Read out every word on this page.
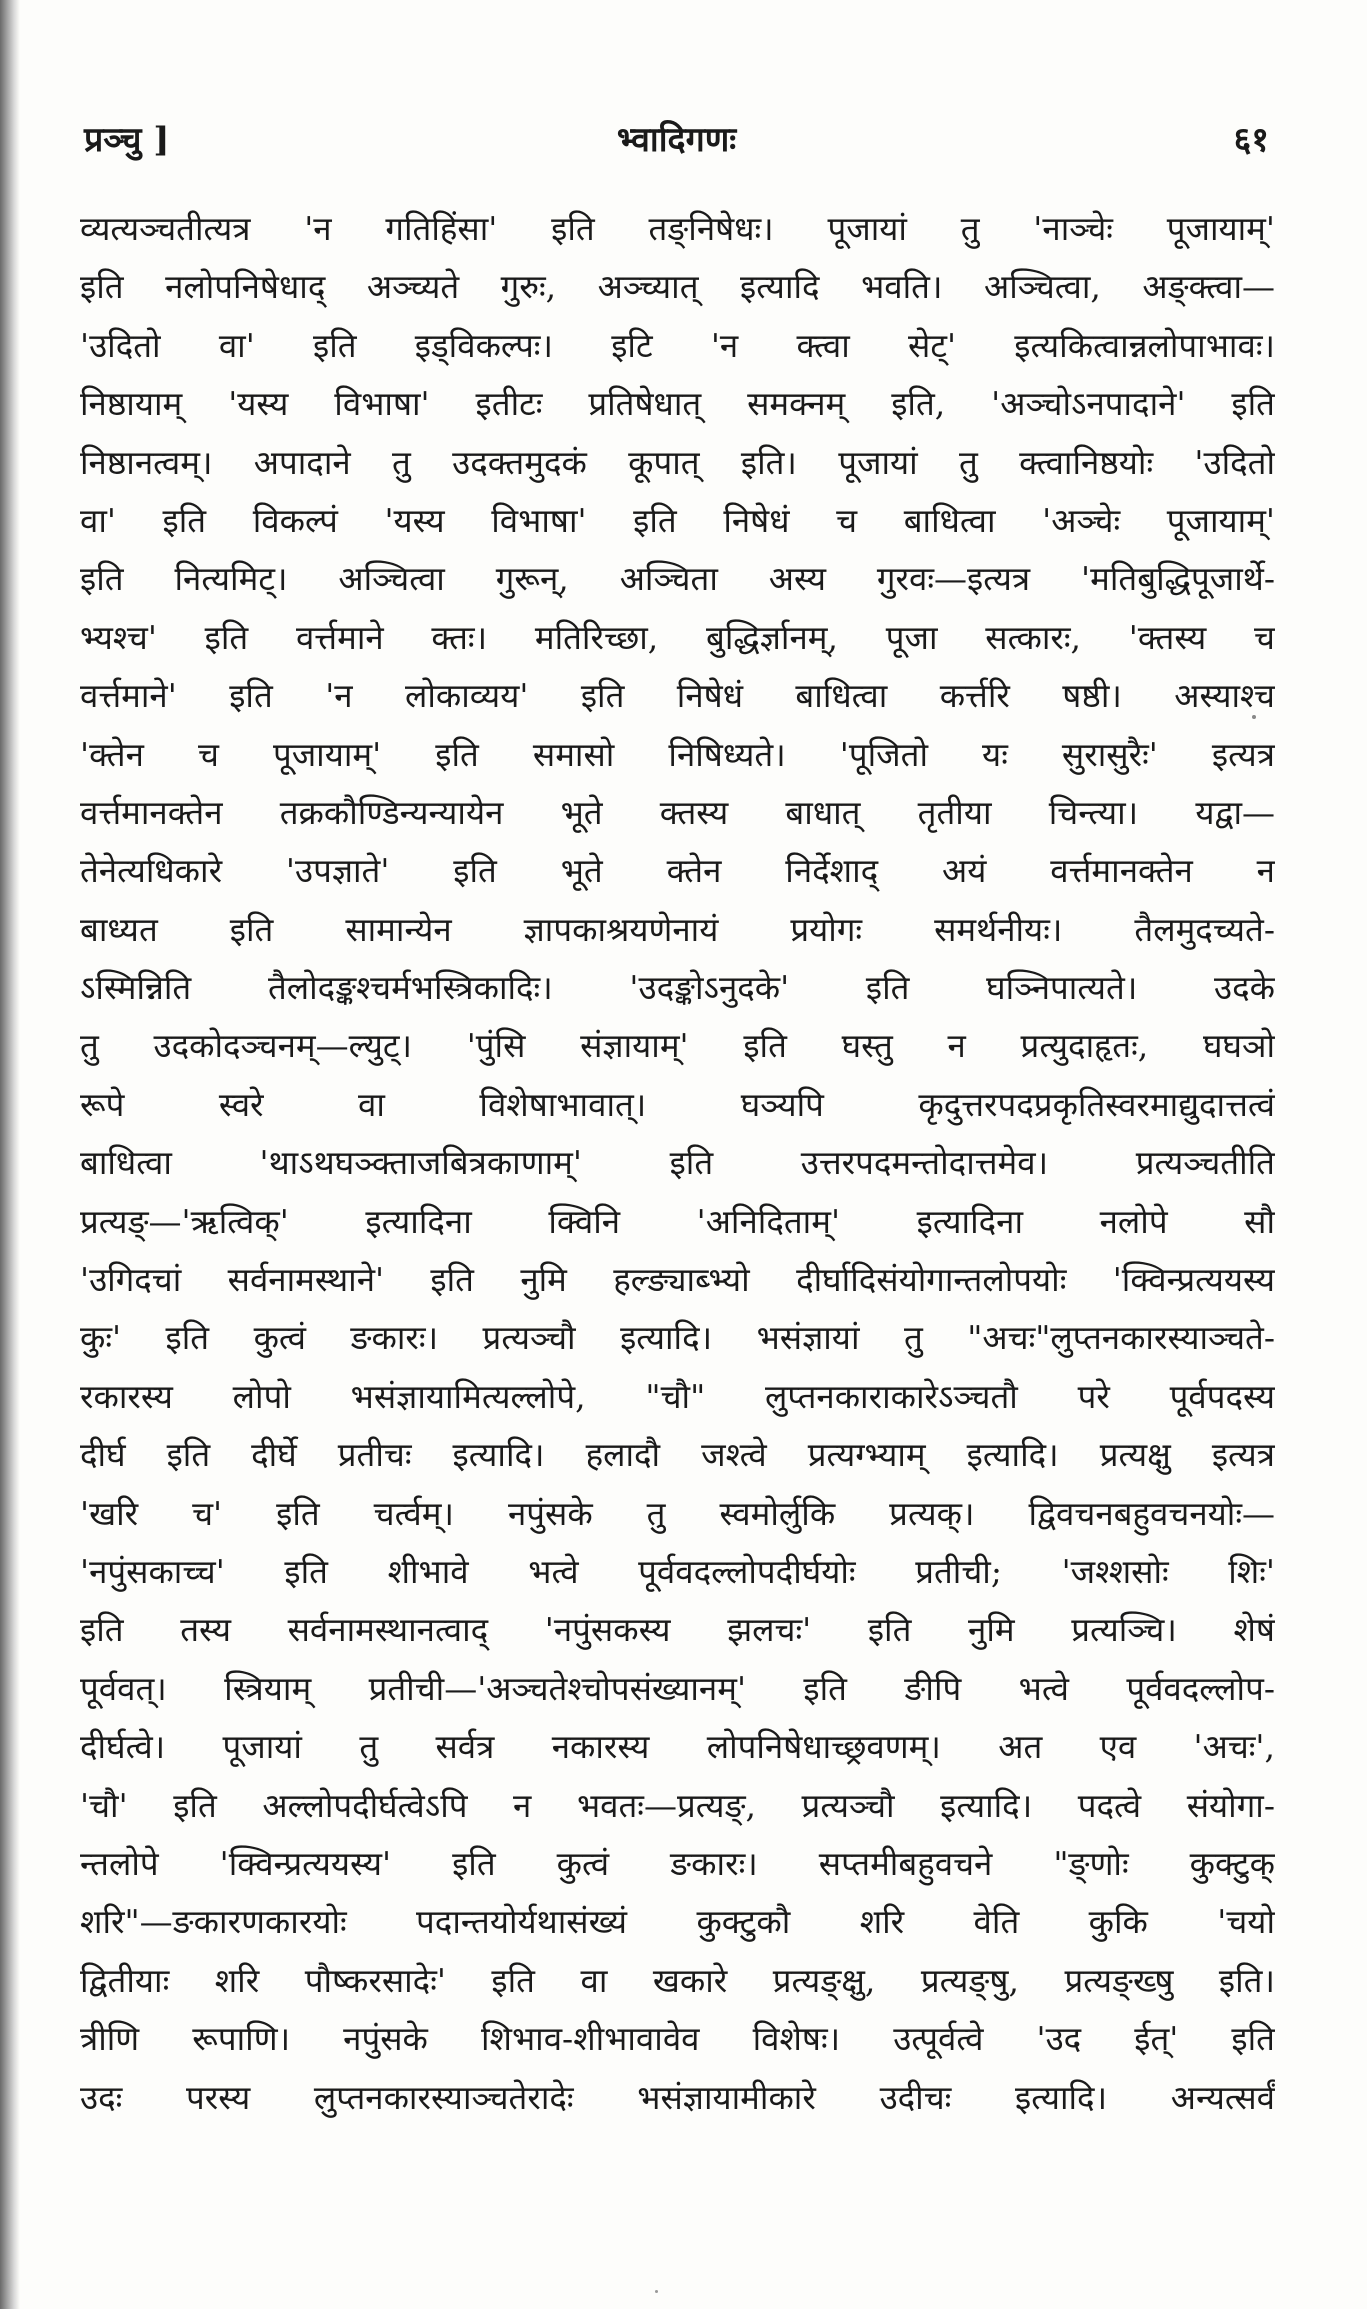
प्रञ्चु ]	भ्वादिगणः	६१
व्यत्यञ्चतीत्यत्र 'न गतिहिंसा' इति तङ्निषेधः। पूजायां तु 'नाञ्चेः पूजायाम्'
इति नलोपनिषेधाद् अञ्च्यते गुरुः, अञ्च्यात् इत्यादि भवति। अञ्चित्वा, अङ्क्त्वा—
'उदितो वा' इति इड्विकल्पः। इटि 'न क्त्वा सेट्' इत्यकित्वान्नलोपाभावः।
निष्ठायाम् 'यस्य विभाषा' इतीटः प्रतिषेधात् समक्नम् इति, 'अञ्चोऽनपादाने' इति
निष्ठानत्वम्। अपादाने तु उदक्तमुदकं कूपात् इति। पूजायां तु क्त्वानिष्ठयोः 'उदितो
वा' इति विकल्पं 'यस्य विभाषा' इति निषेधं च बाधित्वा 'अञ्चेः पूजायाम्'
इति नित्यमिट्। अञ्चित्वा गुरून्, अञ्चिता अस्य गुरवः—इत्यत्र 'मतिबुद्धिपूजार्थे-
भ्यश्च' इति वर्त्तमाने क्तः। मतिरिच्छा, बुद्धिर्ज्ञानम्, पूजा सत्कारः, 'क्तस्य च
वर्त्तमाने' इति 'न लोकाव्यय' इति निषेधं बाधित्वा कर्त्तरि षष्ठी। अस्याश्च
'क्तेन च पूजायाम्' इति समासो निषिध्यते। 'पूजितो यः सुरासुरैः' इत्यत्र
वर्त्तमानक्तेन तक्रकौण्डिन्यन्यायेन भूते क्तस्य बाधात् तृतीया चिन्त्या। यद्वा—
तेनेत्यधिकारे 'उपज्ञाते' इति भूते क्तेन निर्देशाद् अयं वर्त्तमानक्तेन न
बाध्यत इति सामान्येन ज्ञापकाश्रयणेनायं प्रयोगः समर्थनीयः। तैलमुदच्यते-
ऽस्मिन्निति तैलोदङ्कश्चर्मभस्त्रिकादिः। 'उदङ्कोऽनुदके' इति घञ्निपात्यते। उदके
तु उदकोदञ्चनम्—ल्युट्। 'पुंसि संज्ञायाम्' इति घस्तु न प्रत्युदाहृतः, घघञो
रूपे स्वरे वा विशेषाभावात्। घञ्यपि कृदुत्तरपदप्रकृतिस्वरमाद्युदात्तत्वं
बाधित्वा 'थाऽथघञ्क्ताजबित्रकाणाम्' इति उत्तरपदमन्तोदात्तमेव। प्रत्यञ्चतीति
प्रत्यङ्—'ऋत्विक्' इत्यादिना क्विनि 'अनिदिताम्' इत्यादिना नलोपे सौ
'उगिदचां सर्वनामस्थाने' इति नुमि हल्ङ्याब्भ्यो दीर्घादिसंयोगान्तलोपयोः 'क्विन्प्रत्ययस्य
कुः' इति कुत्वं ङकारः। प्रत्यञ्चौ इत्यादि। भसंज्ञायां तु "अचः"लुप्तनकारस्याञ्चते-
रकारस्य लोपो भसंज्ञायामित्यल्लोपे, "चौ" लुप्तनकाराकारेऽञ्चतौ परे पूर्वपदस्य
दीर्घ इति दीर्घे प्रतीचः इत्यादि। हलादौ जश्त्वे प्रत्यग्भ्याम् इत्यादि। प्रत्यक्षु इत्यत्र
'खरि च' इति चर्त्वम्। नपुंसके तु स्वमोर्लुकि प्रत्यक्। द्विवचनबहुवचनयोः—
'नपुंसकाच्च' इति शीभावे भत्वे पूर्ववदल्लोपदीर्घयोः प्रतीची; 'जश्शसोः शिः'
इति तस्य सर्वनामस्थानत्वाद् 'नपुंसकस्य झलचः' इति नुमि प्रत्यञ्चि। शेषं
पूर्ववत्। स्त्रियाम् प्रतीची—'अञ्चतेश्चोपसंख्यानम्' इति ङीपि भत्वे पूर्ववदल्लोप-
दीर्घत्वे। पूजायां तु सर्वत्र नकारस्य लोपनिषेधाच्छ्रवणम्। अत एव 'अचः',
'चौ' इति अल्लोपदीर्घत्वेऽपि न भवतः—प्रत्यङ्, प्रत्यञ्चौ इत्यादि। पदत्वे संयोगा-
न्तलोपे 'क्विन्प्रत्ययस्य' इति कुत्वं ङकारः। सप्तमीबहुवचने "ङ्णोः कुक्टुक्
शरि"—ङकारणकारयोः पदान्तयोर्यथासंख्यं कुक्टुकौ शरि वेति कुकि 'चयो
द्वितीयाः शरि पौष्करसादेः' इति वा खकारे प्रत्यङ्क्षु, प्रत्यङ्षु, प्रत्यङ्ख्षु इति।
त्रीणि रूपाणि। नपुंसके शिभाव-शीभावावेव विशेषः। उत्पूर्वत्वे 'उद ईत्' इति
उदः परस्य लुप्तनकारस्याञ्चतेरादेः भसंज्ञायामीकारे उदीचः इत्यादि। अन्यत्सर्वं
